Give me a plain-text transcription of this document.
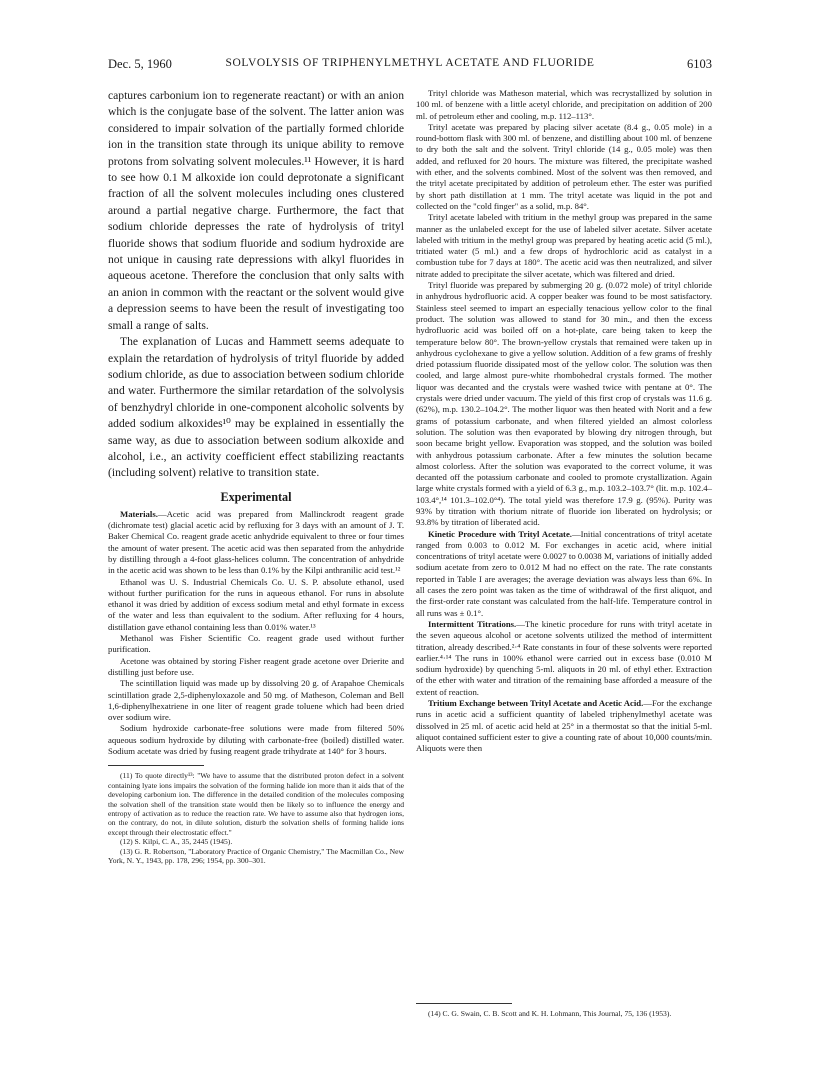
Dec. 5, 1960	SOLVOLYSIS OF TRIPHENYLMETHYL ACETATE AND FLUORIDE	6103

captures carbonium ion to regenerate reactant) or with an anion which is the conjugate base of the solvent. The latter anion was considered to impair solvation of the partially formed chloride ion in the transition state through its unique ability to remove protons from solvating solvent molecules.¹¹ However, it is hard to see how 0.1 M alkoxide ion could deprotonate a significant fraction of all the solvent molecules including ones clustered around a partial negative charge. Furthermore, the fact that sodium chloride depresses the rate of hydrolysis of trityl fluoride shows that sodium fluoride and sodium hydroxide are not unique in causing rate depressions with alkyl fluorides in aqueous acetone. Therefore the conclusion that only salts with an anion in common with the reactant or the solvent would give a depression seems to have been the result of investigating too small a range of salts.

The explanation of Lucas and Hammett seems adequate to explain the retardation of hydrolysis of trityl fluoride by added sodium chloride, as due to association between sodium chloride and water. Furthermore the similar retardation of the solvolysis of benzhydryl chloride in one-component alcoholic solvents by added sodium alkoxides¹⁰ may be explained in essentially the same way, as due to association between sodium alkoxide and alcohol, i.e., an activity coefficient effect stabilizing reactants (including solvent) relative to transition state.

Experimental

Materials.—Acetic acid was prepared from Mallinckrodt reagent grade (dichromate test) glacial acetic acid by refluxing for 3 days with an amount of J. T. Baker Chemical Co. reagent grade acetic anhydride equivalent to three or four times the amount of water present. The acetic acid was then separated from the anhydride by distilling through a 4-foot glass-helices column. The concentration of anhydride in the acetic acid was shown to be less than 0.1% by the Kilpi anthranilic acid test.¹²

Ethanol was U. S. Industrial Chemicals Co. U. S. P. absolute ethanol, used without further purification for the runs in aqueous ethanol. For runs in absolute ethanol it was dried by addition of excess sodium metal and ethyl formate in excess of the water and less than equivalent to the sodium. After refluxing for 4 hours, distillation gave ethanol containing less than 0.01% water.¹³

Methanol was Fisher Scientific Co. reagent grade used without further purification.

Acetone was obtained by storing Fisher reagent grade acetone over Drierite and distilling just before use.

The scintillation liquid was made up by dissolving 20 g. of Arapahoe Chemicals scintillation grade 2,5-diphenyloxazole and 50 mg. of Matheson, Coleman and Bell 1,6-diphenylhexatriene in one liter of reagent grade toluene which had been dried over sodium wire.

Sodium hydroxide carbonate-free solutions were made from filtered 50% aqueous sodium hydroxide by diluting with carbonate-free (boiled) distilled water. Sodium acetate was dried by fusing reagent grade trihydrate at 140° for 3 hours.

(11) To quote directly¹³: "We have to assume that the distributed proton defect in a solvent containing lyate ions impairs the solvation of the forming halide ion more than it aids that of the developing carbonium ion. The difference in the detailed condition of the molecules composing the solvation shell of the transition state would then be likely so to influence the energy and entropy of activation as to reduce the reaction rate. We have to assume also that hydrogen ions, on the contrary, do not, in dilute solution, disturb the solvation shells of forming halide ions except through their electrostatic effect."

(12) S. Kilpi, C. A., 35, 2445 (1945).

(13) G. R. Robertson, "Laboratory Practice of Organic Chemistry," The Macmillan Co., New York, N. Y., 1943, pp. 178, 296; 1954, pp. 300–301.

Trityl chloride was Matheson material, which was recrystallized by solution in 100 ml. of benzene with a little acetyl chloride, and precipitation on addition of 200 ml. of petroleum ether and cooling, m.p. 112–113°.

Trityl acetate was prepared by placing silver acetate (8.4 g., 0.05 mole) in a round-bottom flask with 300 ml. of benzene, and distilling about 100 ml. of benzene to dry both the salt and the solvent. Trityl chloride (14 g., 0.05 mole) was then added, and refluxed for 20 hours. The mixture was filtered, the precipitate washed with ether, and the solvents combined. Most of the solvent was then removed, and the trityl acetate precipitated by addition of petroleum ether. The ester was purified by short path distillation at 1 mm. The trityl acetate was liquid in the pot and collected on the "cold finger" as a solid, m.p. 84°.

Trityl acetate labeled with tritium in the methyl group was prepared in the same manner as the unlabeled except for the use of labeled silver acetate. Silver acetate labeled with tritium in the methyl group was prepared by heating acetic acid (5 ml.), tritiated water (5 ml.) and a few drops of hydrochloric acid as catalyst in a combustion tube for 7 days at 180°. The acetic acid was then neutralized, and silver nitrate added to precipitate the silver acetate, which was filtered and dried.

Trityl fluoride was prepared by submerging 20 g. (0.072 mole) of trityl chloride in anhydrous hydrofluoric acid. A copper beaker was found to be most satisfactory. Stainless steel seemed to impart an especially tenacious yellow color to the final product. The solution was allowed to stand for 30 min., and then the excess hydrofluoric acid was boiled off on a hot-plate, care being taken to keep the temperature below 80°. The brown-yellow crystals that remained were taken up in anhydrous cyclohexane to give a yellow solution. Addition of a few grams of freshly dried potassium fluoride dissipated most of the yellow color. The solution was then cooled, and large almost pure-white rhombohedral crystals formed. The mother liquor was decanted and the crystals were washed twice with pentane at 0°. The crystals were dried under vacuum. The yield of this first crop of crystals was 11.6 g. (62%), m.p. 130.2–104.2°. The mother liquor was then heated with Norit and a few grams of potassium carbonate, and when filtered yielded an almost colorless solution. The solution was then evaporated by blowing dry nitrogen through, but soon became bright yellow. Evaporation was stopped, and the solution was boiled with anhydrous potassium carbonate. After a few minutes the solution became almost colorless. After the solution was evaporated to the correct volume, it was decanted off the potassium carbonate and cooled to promote crystallization. Again large white crystals formed with a yield of 6.3 g., m.p. 103.2–103.7° (lit. m.p. 102.4–103.4°,¹⁴ 101.3–102.0°⁴). The total yield was therefore 17.9 g. (95%). Purity was 93% by titration with thorium nitrate of fluoride ion liberated on hydrolysis; or 93.8% by titration of liberated acid.

Kinetic Procedure with Trityl Acetate.—Initial concentrations of trityl acetate ranged from 0.003 to 0.012 M. For exchanges in acetic acid, where initial concentrations of trityl acetate were 0.0027 to 0.0038 M, variations of initially added sodium acetate from zero to 0.012 M had no effect on the rate. The rate constants reported in Table I are averages; the average deviation was always less than 6%. In all cases the zero point was taken as the time of withdrawal of the first aliquot, and the first-order rate constant was calculated from the half-life. Temperature control in all runs was ± 0.1°.

Intermittent Titrations.—The kinetic procedure for runs with trityl acetate in the seven aqueous alcohol or acetone solvents utilized the method of intermittent titration, already described.²·⁴ Rate constants in four of these solvents were reported earlier.⁴·¹⁴ The runs in 100% ethanol were carried out in excess base (0.010 M sodium hydroxide) by quenching 5-ml. aliquots in 20 ml. of ethyl ether. Extraction of the ether with water and titration of the remaining base afforded a measure of the extent of reaction.

Tritium Exchange between Trityl Acetate and Acetic Acid.—For the exchange runs in acetic acid a sufficient quantity of labeled triphenylmethyl acetate was dissolved in 25 ml. of acetic acid held at 25° in a thermostat so that the initial 5-ml. aliquot contained sufficient ester to give a counting rate of about 10,000 counts/min. Aliquots were then

(14) C. G. Swain, C. B. Scott and K. H. Lohmann, This Journal, 75, 136 (1953).
